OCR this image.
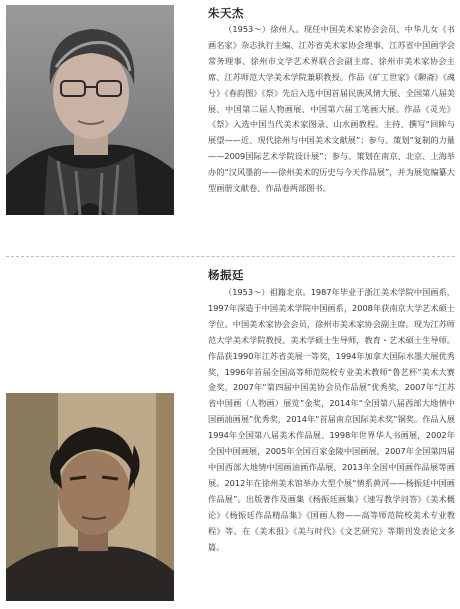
朱天杰

（1953～）徐州人。现任中国美术家协会会员、中华儿女《书画名家》杂志执行主编、江苏省美术家协会理事、江苏省中国画学会常务理事、徐州市文学艺术界联合会副主席、徐州市美术家协会主席、江苏师范大学美术学院兼职教授。作品《矿工世家》《聊斋》《魂兮》《春韵图》《祭》先后入选中国首届民族风情大展、全国第八届美展、中国第二届人物画展、中国第六届工笔画大展。作品《灵光》《祭》入选中国当代美术家图录、山水画教程。主持、撰写“回眸与展望——近、现代徐州与中国美术文献展”；参与、策划“复制的力量——2009国际艺术学院设计展”；参与、策划在南京、北京、上海举办的“汉风墨韵——徐州美术的历史与今天作品展”，并为展览编纂大型画册文献卷、作品卷两部图书。

杨振廷

（1953～）祖籍北京。1987年毕业于浙江美术学院中国画系，1997年深造于中国美术学院中国画系，2008年获南京大学艺术硕士学位。中国美术家协会会员，徐州市美术家协会副主席。现为江苏师范大学美术学院教授、美术学硕士生导师，教育・艺术硕士生导师。作品获1990年江苏省美展一等奖，1994年加拿大国际水墨大展优秀奖，1996年首届全国高等师范院校专业美术教师“鲁艺杯”美术大赛金奖，2007年“第四届中国美协会员作品展”优秀奖，2007年“江苏省中国画（人物画）展览”金奖，2014年“全国第八届西部大地情中国画油画展”优秀奖，2014年“首届南京国际美术奖”铜奖。作品入展1994年全国第八届美术作品展、1998年世界华人书画展，2002年全国中国画展，2005年全国百家金陵中国画展，2007年全国第四届中国西部大地情中国画油画作品展，2013年全国中国画作品展等画展。2012年在徐州美术馆举办大型个展“情系黄河——杨振廷中国画作品展”。出版著作及画集《杨振廷画集》《速写教学问答》《美术概论》《杨振廷作品精品集》《国画人物——高等师范院校美术专业教程》等。在《美术报》《美与时代》《文艺研究》等期刊发表论文多篇。
